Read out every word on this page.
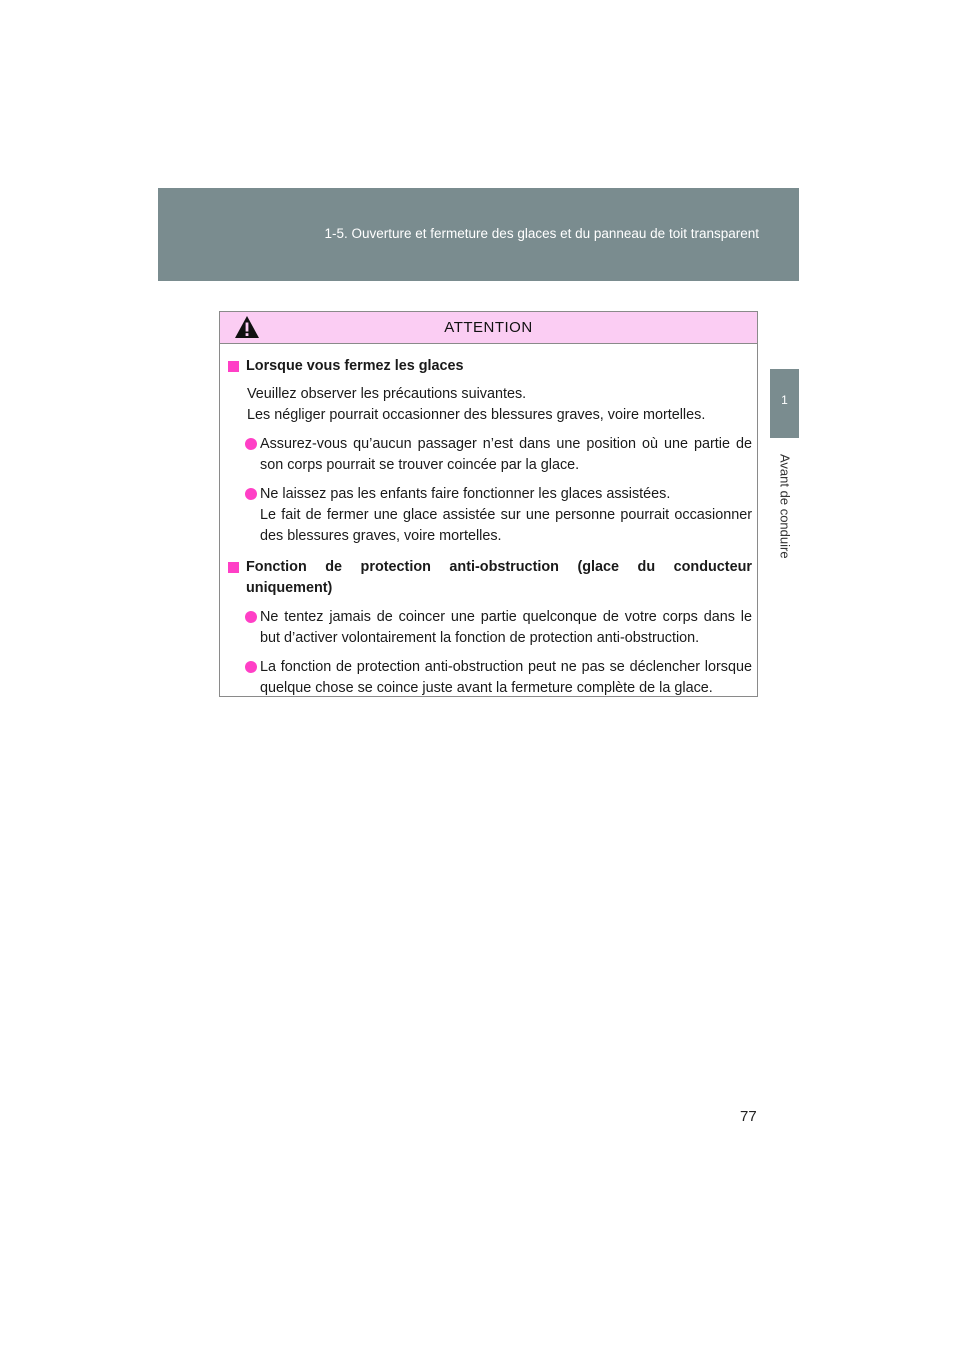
1-5. Ouverture et fermeture des glaces et du panneau de toit transparent
1
Avant de conduire
ATTENTION
Lorsque vous fermez les glaces
Veuillez observer les précautions suivantes.
Les négliger pourrait occasionner des blessures graves, voire mortelles.
Assurez-vous qu’aucun passager n’est dans une position où une partie de son corps pourrait se trouver coincée par la glace.
Ne laissez pas les enfants faire fonctionner les glaces assistées.
Le fait de fermer une glace assistée sur une personne pourrait occasionner des blessures graves, voire mortelles.
Fonction de protection anti-obstruction (glace du conducteur uniquement)
Ne tentez jamais de coincer une partie quelconque de votre corps dans le but d’activer volontairement la fonction de protection anti-obstruction.
La fonction de protection anti-obstruction peut ne pas se déclencher lorsque quelque chose se coince juste avant la fermeture complète de la glace.
77
